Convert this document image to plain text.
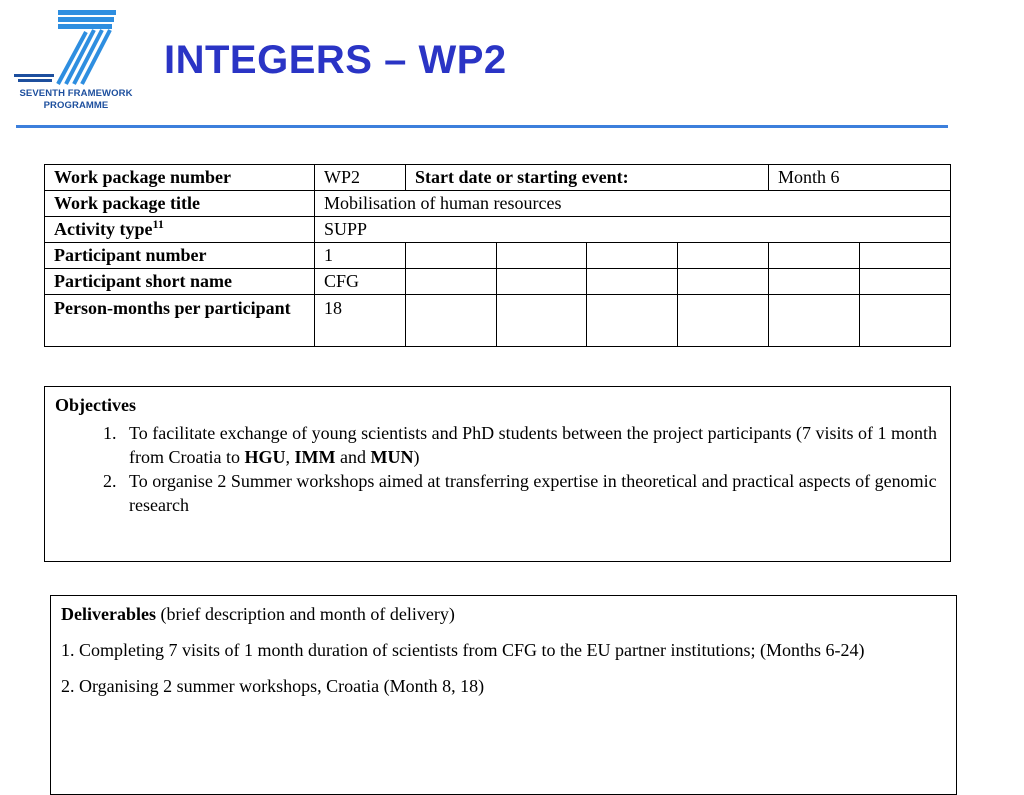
SEVENTH FRAMEWORK
PROGRAMME
INTEGERS – WP2
Work package number	WP2	Start date or starting event:				Month 6	
Work package title	Mobilisation of human resources						
Activity type$^{11}$	SUPP						
Participant number	1						
Participant short name	CFG						
Person-months per participant	18						
Objectives
1. To facilitate exchange of young scientists and PhD students between the project participants (7 visits of 1 month from Croatia to HGU, IMM and MUN)
2. To organise 2 Summer workshops aimed at transferring expertise in theoretical and practical aspects of genomic research

Deliverables (brief description and month of delivery)

1. Completing 7 visits of 1 month duration of scientists from CFG to the EU partner institutions; (Months 6-24)

2. Organising 2 summer workshops, Croatia (Month 8, 18)
